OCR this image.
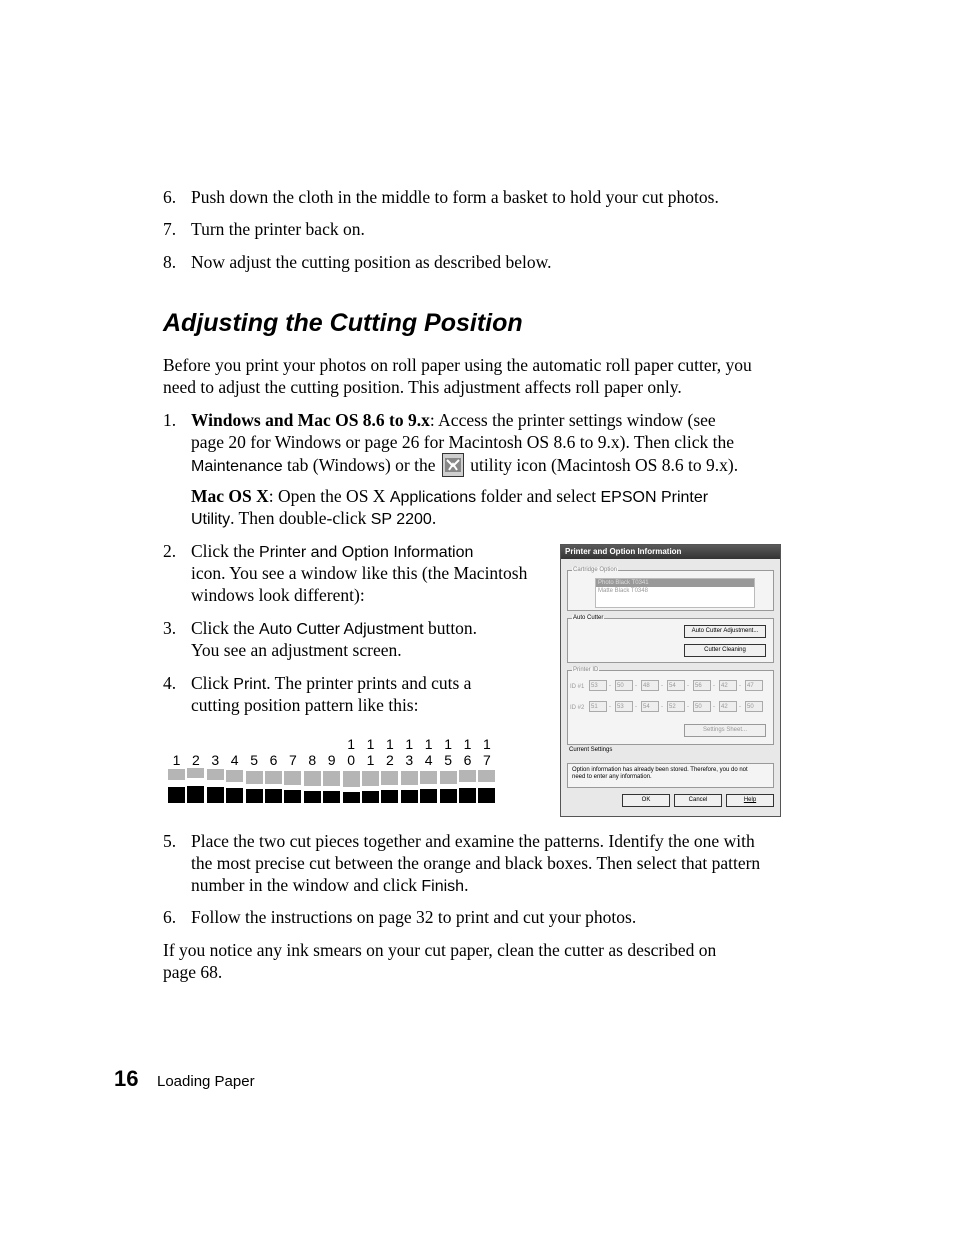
6. Push down the cloth in the middle to form a basket to hold your cut photos.
7. Turn the printer back on.
8. Now adjust the cutting position as described below.
Adjusting the Cutting Position
Before you print your photos on roll paper using the automatic roll paper cutter, you
need to adjust the cutting position. This adjustment affects roll paper only.
1. Windows and Mac OS 8.6 to 9.x: Access the printer settings window (see
page 20 for Windows or page 26 for Macintosh OS 8.6 to 9.x). Then click the
Maintenance tab (Windows) or the utility icon (Macintosh OS 8.6 to 9.x).
Mac OS X: Open the OS X Applications folder and select EPSON Printer
Utility. Then double-click SP 2200.
2. Click the Printer and Option Information
icon. You see a window like this (the Macintosh
windows look different):
3. Click the Auto Cutter Adjustment button.
You see an adjustment screen.
4. Click Print. The printer prints and cuts a
cutting position pattern like this:
1 2 3 4 5 6 7 8 9
1
0
1
1
1
2
1
3
1
4
1
5
1
6
1
7
Printer and Option Information
Cartridge Option
Photo Black T0341
Matte Black T0348
Auto Cutter
Auto Cutter Adjustment...
Cutter Cleaning
Printer ID
ID #1	53	-	50	-	48	-	54	-	56	-	42	-	47
ID #2	51	-	53	-	54	-	52	-	50	-	42	-	50
Settings Sheet...
Current Settings
Option information has already been stored. Therefore, you do not
need to enter any information.
OK	Cancel	Help
5. Place the two cut pieces together and examine the patterns. Identify the one with
the most precise cut between the orange and black boxes. Then select that pattern
number in the window and click Finish.
6. Follow the instructions on page 32 to print and cut your photos.
If you notice any ink smears on your cut paper, clean the cutter as described on
page 68.
16 Loading Paper
